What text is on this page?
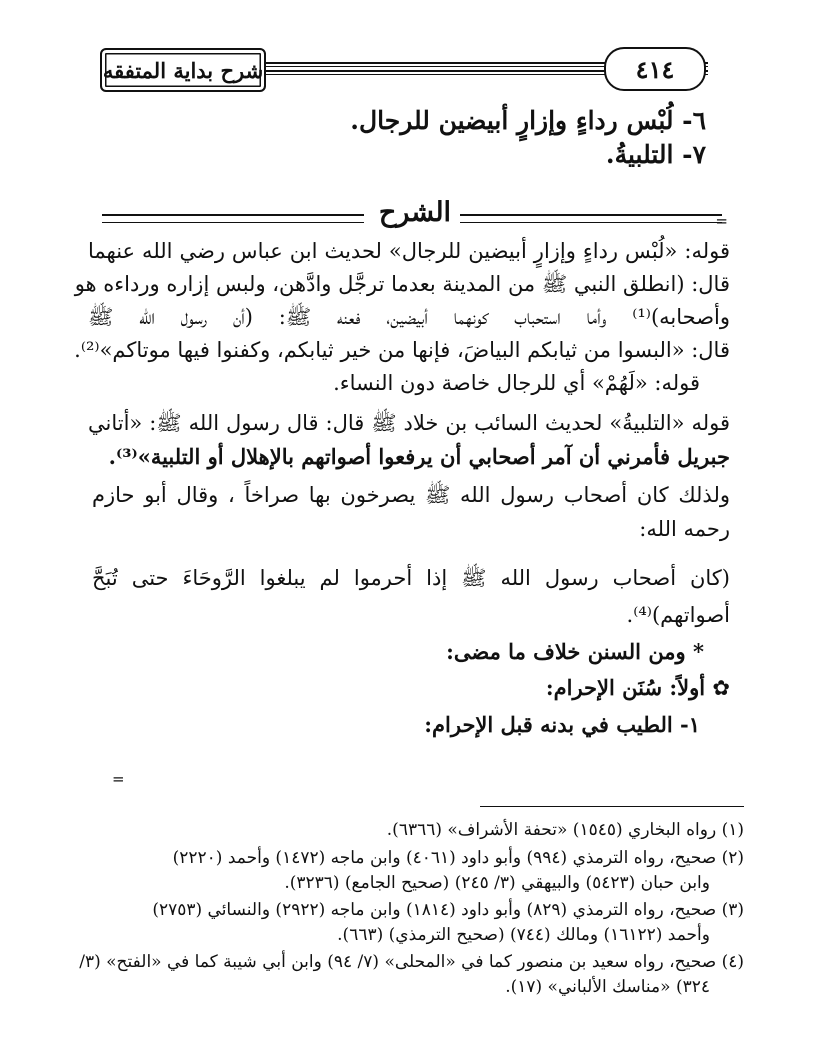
شرح بداية المتفقه	٤١٤
٦- لُبْس رداءٍ وإزارٍ أبيضين للرجال.
٧- التلبيةُ.
الشرح	=
قوله: «لُبْس رداءٍ وإزارٍ أبيضين للرجال» لحديث ابن عباس رضي الله عنهما
قال: (انطلق النبي ﷺ من المدينة بعدما ترجَّل وادَّهن، ولبس إزاره ورداءه هو
وأصحابه)⁽¹⁾ وأما استحباب كونهما أبيضين، فعنه ﷺ: (أن رسول الله ﷺ
قال: «البسوا من ثيابكم البياضَ، فإنها من خير ثيابكم، وكفنوا فيها موتاكم»⁽²⁾.
قوله: «لَهُمْ» أي للرجال خاصة دون النساء.
قوله «التلبيةُ» لحديث السائب بن خلاد ﷺ قال: قال رسول الله ﷺ: «أتاني
جبريل فأمرني أن آمر أصحابي أن يرفعوا أصواتهم بالإهلال أو التلبية»⁽³⁾.
ولذلك كان أصحاب رسول الله ﷺ يصرخون بها صراخاً ، وقال أبو حازم
رحمه الله:
(كان أصحاب رسول الله ﷺ إذا أحرموا لم يبلغوا الرَّوحَاءَ حتى تُبَحَّ
أصواتهم)⁽⁴⁾.
* ومن السنن خلاف ما مضى:
✿ أولاً: سُنَن الإحرام:
١- الطيب في بدنه قبل الإحرام:
=
(١) رواه البخاري (١٥٤٥) «تحفة الأشراف» (٦٣٦٦).
(٢) صحيح، رواه الترمذي (٩٩٤) وأبو داود (٤٠٦١) وابن ماجه (١٤٧٢) وأحمد (٢٢٢٠)
وابن حبان (٥٤٢٣) والبيهقي (٣/ ٢٤٥) (صحيح الجامع) (٣٢٣٦).
(٣) صحيح، رواه الترمذي (٨٢٩) وأبو داود (١٨١٤) وابن ماجه (٢٩٢٢) والنسائي (٢٧٥٣)
وأحمد (١٦١٢٢) ومالك (٧٤٤) (صحيح الترمذي) (٦٦٣).
(٤) صحيح، رواه سعيد بن منصور كما في «المحلى» (٧/ ٩٤) وابن أبي شيبة كما في «الفتح» (٣/
٣٢٤) «مناسك الألباني» (١٧).
